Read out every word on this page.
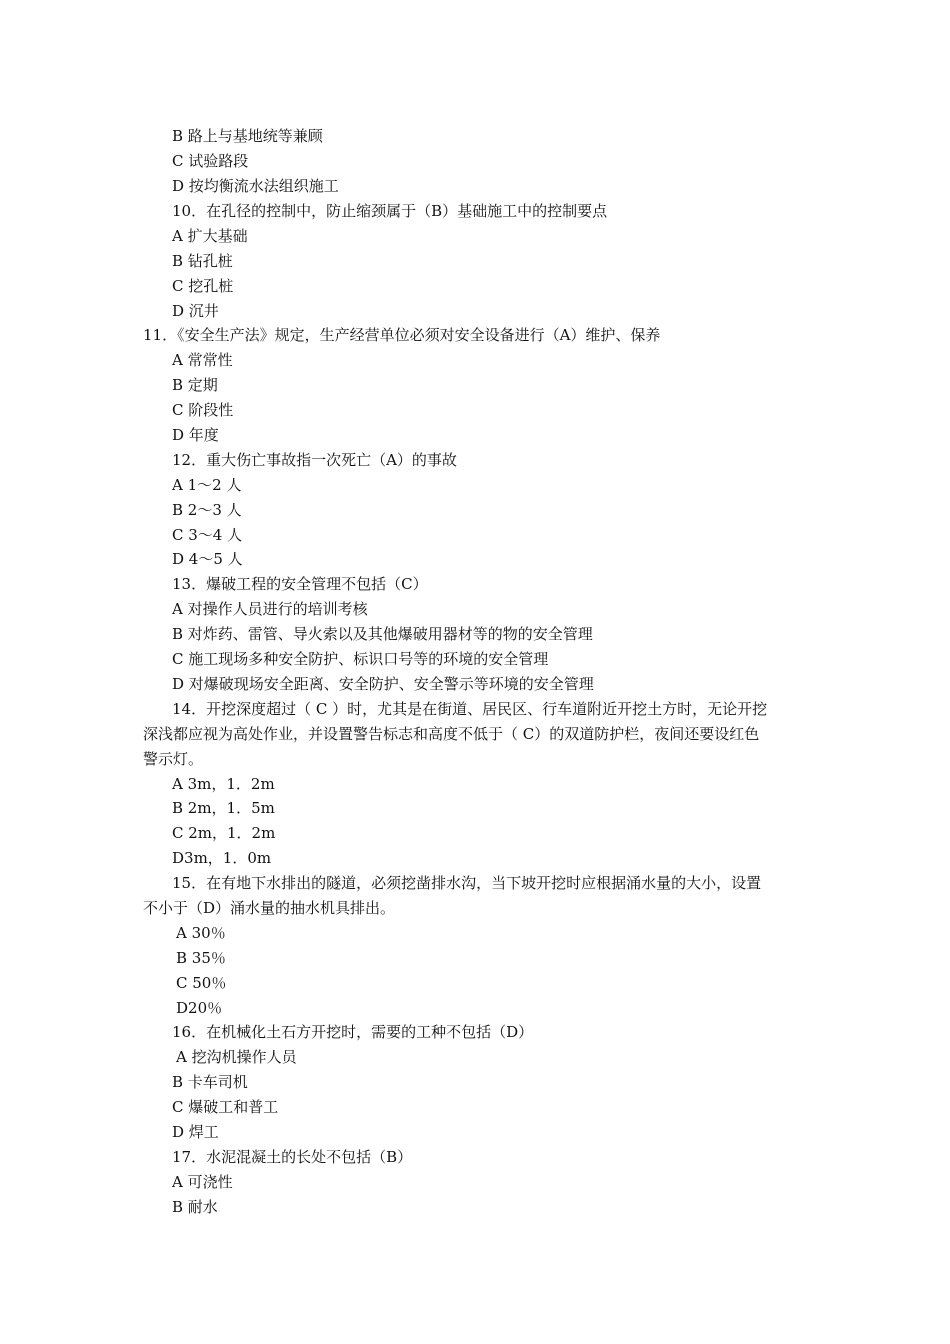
B 路上与基地统等兼顾
C 试验路段
D 按均衡流水法组织施工
10．在孔径的控制中，防止缩颈属于（B）基础施工中的控制要点
A 扩大基础
B 钻孔桩
C 挖孔桩
D 沉井
11．《安全生产法》规定，生产经营单位必须对安全设备进行（A）维护、保养
A 常常性
B 定期
C 阶段性
D 年度
12．重大伤亡事故指一次死亡（A）的事故
A 1～2 人
B 2～3 人
C 3～4 人
D 4～5 人
13．爆破工程的安全管理不包括（C）
A 对操作人员进行的培训考核
B 对炸药、雷管、导火索以及其他爆破用器材等的物的安全管理
C 施工现场多种安全防护、标识口号等的环境的安全管理
D 对爆破现场安全距离、安全防护、安全警示等环境的安全管理
14．开挖深度超过（ C ）时，尤其是在街道、居民区、行车道附近开挖土方时，无论开挖
深浅都应视为高处作业，并设置警告标志和高度不低于（ C）的双道防护栏，夜间还要设红色
警示灯。
A 3m，1．2m
B 2m，1．5m
C 2m，1．2m
D3m，1．0m
15．在有地下水排出的隧道，必须挖凿排水沟，当下坡开挖时应根据涌水量的大小，设置
不小于（D）涌水量的抽水机具排出。
A 30％
B 35％
C 50％
D20％
16．在机械化土石方开挖时，需要的工种不包括（D）
A 挖沟机操作人员
B 卡车司机
C 爆破工和普工
D 焊工
17．水泥混凝土的长处不包括（B）
A 可浇性
B 耐水
